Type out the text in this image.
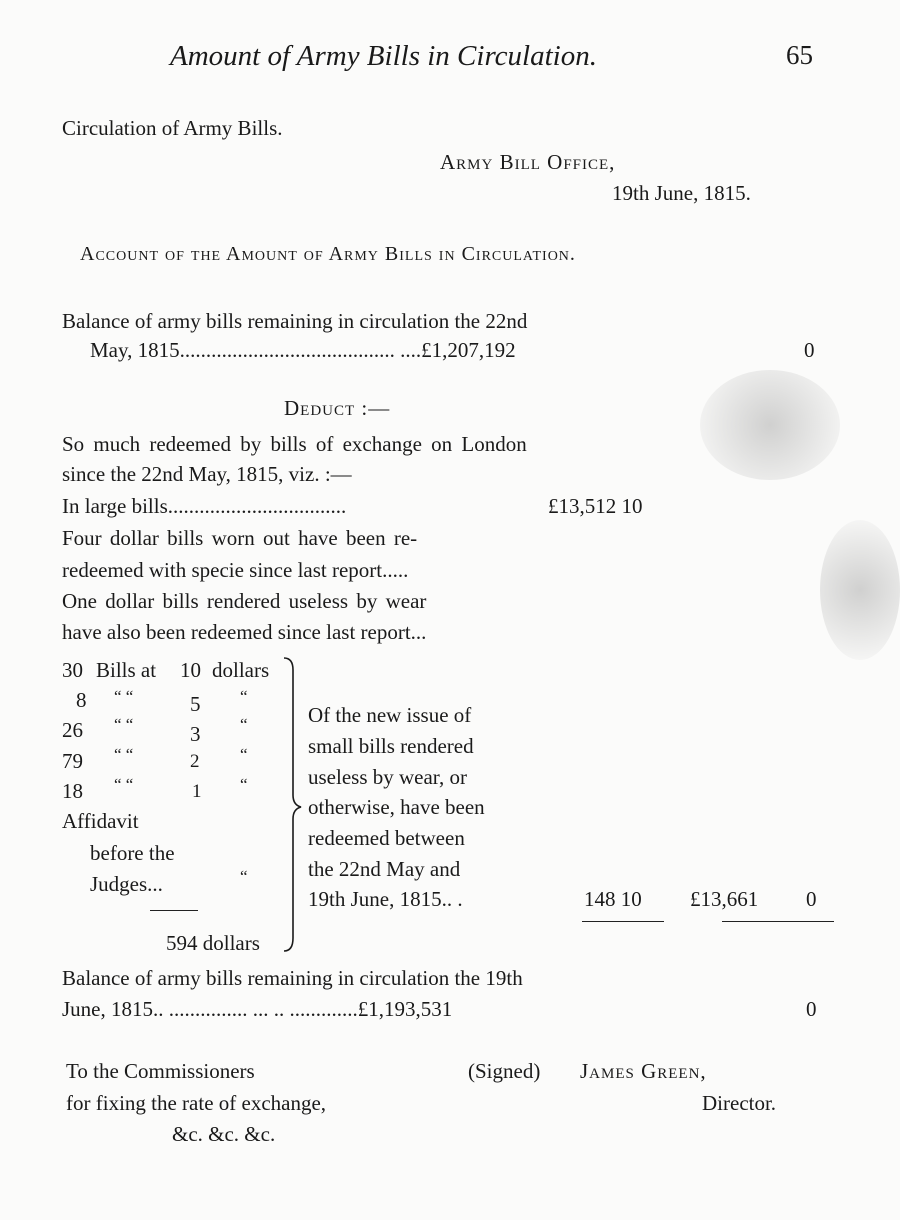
Amount of Army Bills in Circulation.	65
Circulation of Army Bills.
Army Bill Office,
19th June, 1815.
Account of the Amount of Army Bills in Circulation.
Balance of army bills remaining in circulation the 22nd
May, 1815......................................... ....£1,207,192	0
Deduct :—
So much redeemed by bills of exchange on London
since the 22nd May, 1815, viz. :—
In large bills..................................	£13,512 10
Four dollar bills worn out have been re-
redeemed with specie since last report.....
One dollar bills rendered useless by wear
have also been redeemed since last report...
30 Bills at 10 dollars
8 “ “	5 “
26 “ “	3 “
79 “ “	2 “
18 “ “	1 “
Affidavit
before the
Judges...	“
594 dollars
Of the new issue of
small bills rendered
useless by wear, or
otherwise, have been
redeemed between
the 22nd May and
19th June, 1815.. .	148 10 £13,661 0
Balance of army bills remaining in circulation the 19th
June, 1815.. ............... ... .. .............£1,193,531	0
To the Commissioners
for fixing the rate of exchange,
&c. &c. &c.
(Signed) James Green,
Director.
